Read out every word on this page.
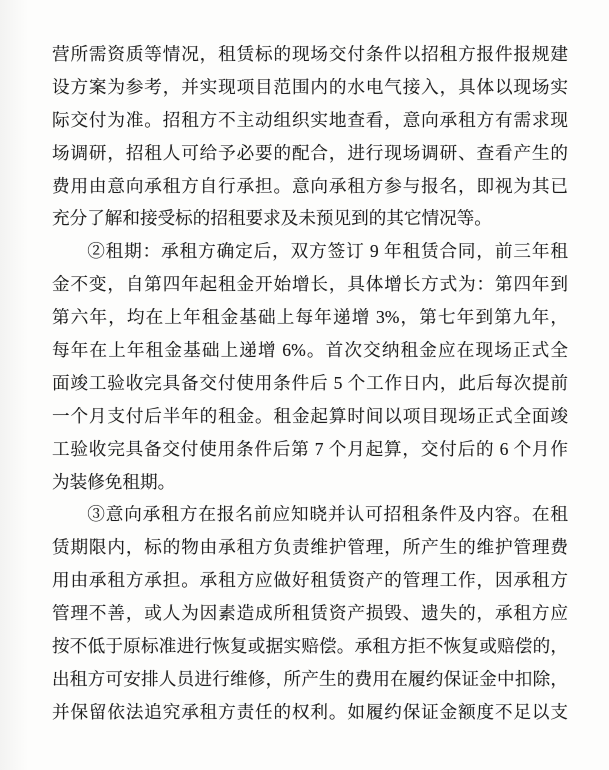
营所需资质等情况，租赁标的现场交付条件以招租方报件报规建
设方案为参考，并实现项目范围内的水电气接入，具体以现场实
际交付为准。招租方不主动组织实地查看，意向承租方有需求现
场调研，招租人可给予必要的配合，进行现场调研、查看产生的
费用由意向承租方自行承担。意向承租方参与报名，即视为其已
充分了解和接受标的招租要求及未预见到的其它情况等。

②租期：承租方确定后，双方签订 9 年租赁合同，前三年租
金不变，自第四年起租金开始增长，具体增长方式为：第四年到
第六年，均在上年租金基础上每年递增 3%，第七年到第九年，
每年在上年租金基础上递增 6%。首次交纳租金应在现场正式全
面竣工验收完具备交付使用条件后 5 个工作日内，此后每次提前
一个月支付后半年的租金。租金起算时间以项目现场正式全面竣
工验收完具备交付使用条件后第 7 个月起算，交付后的 6 个月作
为装修免租期。

③意向承租方在报名前应知晓并认可招租条件及内容。在租
赁期限内，标的物由承租方负责维护管理，所产生的维护管理费
用由承租方承担。承租方应做好租赁资产的管理工作，因承租方
管理不善，或人为因素造成所租赁资产损毁、遗失的，承租方应
按不低于原标准进行恢复或据实赔偿。承租方拒不恢复或赔偿的，
出租方可安排人员进行维修，所产生的费用在履约保证金中扣除，
并保留依法追究承租方责任的权利。如履约保证金额度不足以支
